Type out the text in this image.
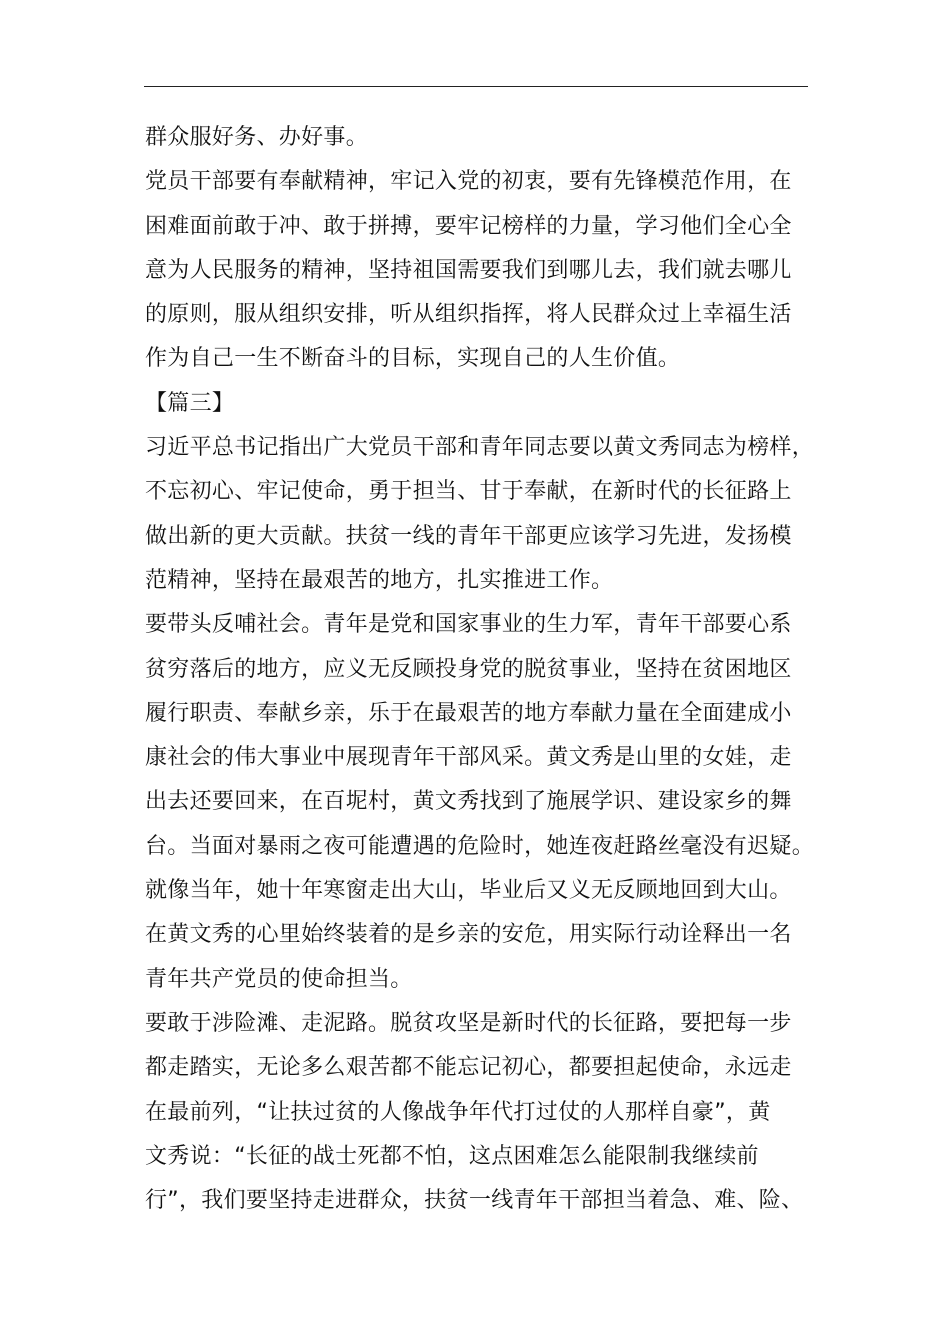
群众服好务、办好事。
党员干部要有奉献精神，牢记入党的初衷，要有先锋模范作用，在
困难面前敢于冲、敢于拼搏，要牢记榜样的力量，学习他们全心全
意为人民服务的精神，坚持祖国需要我们到哪儿去，我们就去哪儿
的原则，服从组织安排，听从组织指挥，将人民群众过上幸福生活
作为自己一生不断奋斗的目标，实现自己的人生价值。
【篇三】
习近平总书记指出广大党员干部和青年同志要以黄文秀同志为榜样，
不忘初心、牢记使命，勇于担当、甘于奉献，在新时代的长征路上
做出新的更大贡献。扶贫一线的青年干部更应该学习先进，发扬模
范精神，坚持在最艰苦的地方，扎实推进工作。
要带头反哺社会。青年是党和国家事业的生力军，青年干部要心系
贫穷落后的地方，应义无反顾投身党的脱贫事业，坚持在贫困地区
履行职责、奉献乡亲，乐于在最艰苦的地方奉献力量在全面建成小
康社会的伟大事业中展现青年干部风采。黄文秀是山里的女娃，走
出去还要回来，在百坭村，黄文秀找到了施展学识、建设家乡的舞
台。当面对暴雨之夜可能遭遇的危险时，她连夜赶路丝毫没有迟疑。
就像当年，她十年寒窗走出大山，毕业后又义无反顾地回到大山。
在黄文秀的心里始终装着的是乡亲的安危，用实际行动诠释出一名
青年共产党员的使命担当。
要敢于涉险滩、走泥路。脱贫攻坚是新时代的长征路，要把每一步
都走踏实，无论多么艰苦都不能忘记初心，都要担起使命，永远走
在最前列，“让扶过贫的人像战争年代打过仗的人那样自豪”，黄
文秀说：“长征的战士死都不怕，这点困难怎么能限制我继续前
行”，我们要坚持走进群众，扶贫一线青年干部担当着急、难、险、
